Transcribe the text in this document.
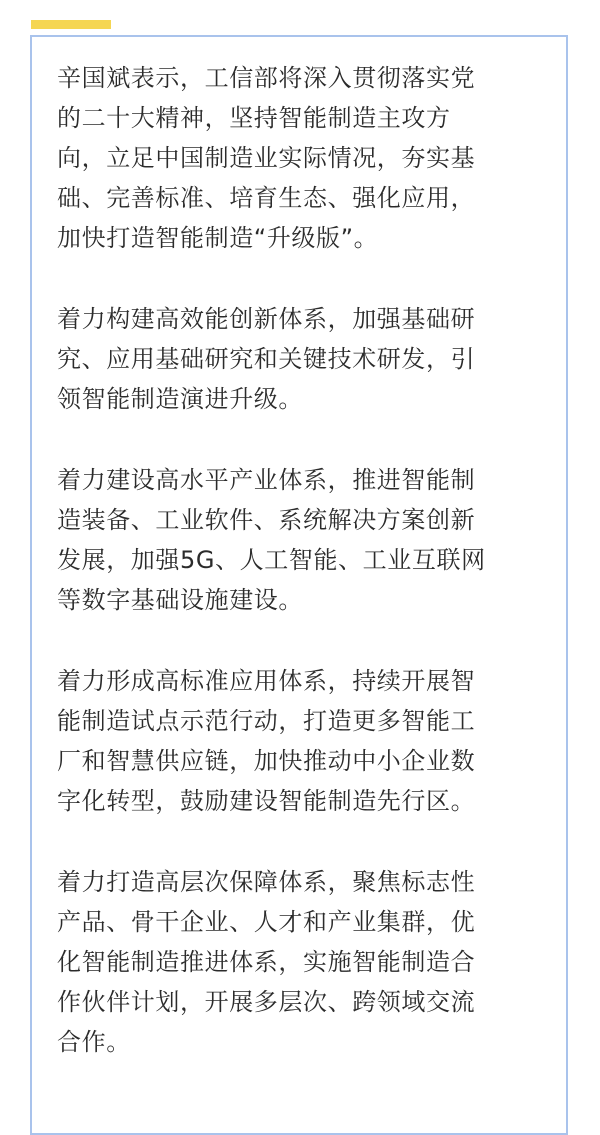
辛国斌表示，工信部将深入贯彻落实党
的二十大精神，坚持智能制造主攻方
向，立足中国制造业实际情况，夯实基
础、完善标准、培育生态、强化应用，
加快打造智能制造“升级版”。

着力构建高效能创新体系，加强基础研
究、应用基础研究和关键技术研发，引
领智能制造演进升级。

着力建设高水平产业体系，推进智能制
造装备、工业软件、系统解决方案创新
发展，加强5G、人工智能、工业互联网
等数字基础设施建设。

着力形成高标准应用体系，持续开展智
能制造试点示范行动，打造更多智能工
厂和智慧供应链，加快推动中小企业数
字化转型，鼓励建设智能制造先行区。

着力打造高层次保障体系，聚焦标志性
产品、骨干企业、人才和产业集群，优
化智能制造推进体系，实施智能制造合
作伙伴计划，开展多层次、跨领域交流
合作。
